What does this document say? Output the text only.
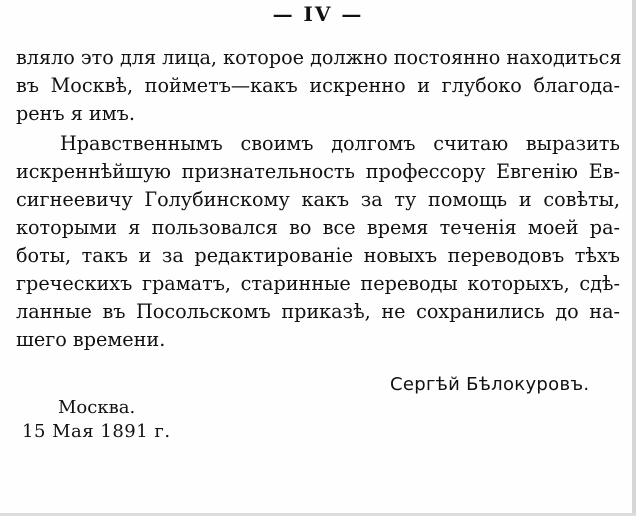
— IV —
вляло это для лица, которое должно постоянно находиться
въ Москвѣ, пойметъ—какъ искренно и глубоко благода-
ренъ я имъ.
Нравственнымъ своимъ долгомъ считаю выразить
искреннѣйшую признательность профессору Евгенію Ев-
сигнеевичу Голубинскому какъ за ту помощь и совѣты,
которыми я пользовался во все время теченія моей ра-
боты, такъ и за редактированіе новыхъ переводовъ тѣхъ
греческихъ граматъ, старинные переводы которыхъ, сдѣ-
ланные въ Посольскомъ приказѣ, не сохранились до на-
шего времени.
Сергѣй Бѣлокуровъ.
Москва.
15 Мая 1891 г.
